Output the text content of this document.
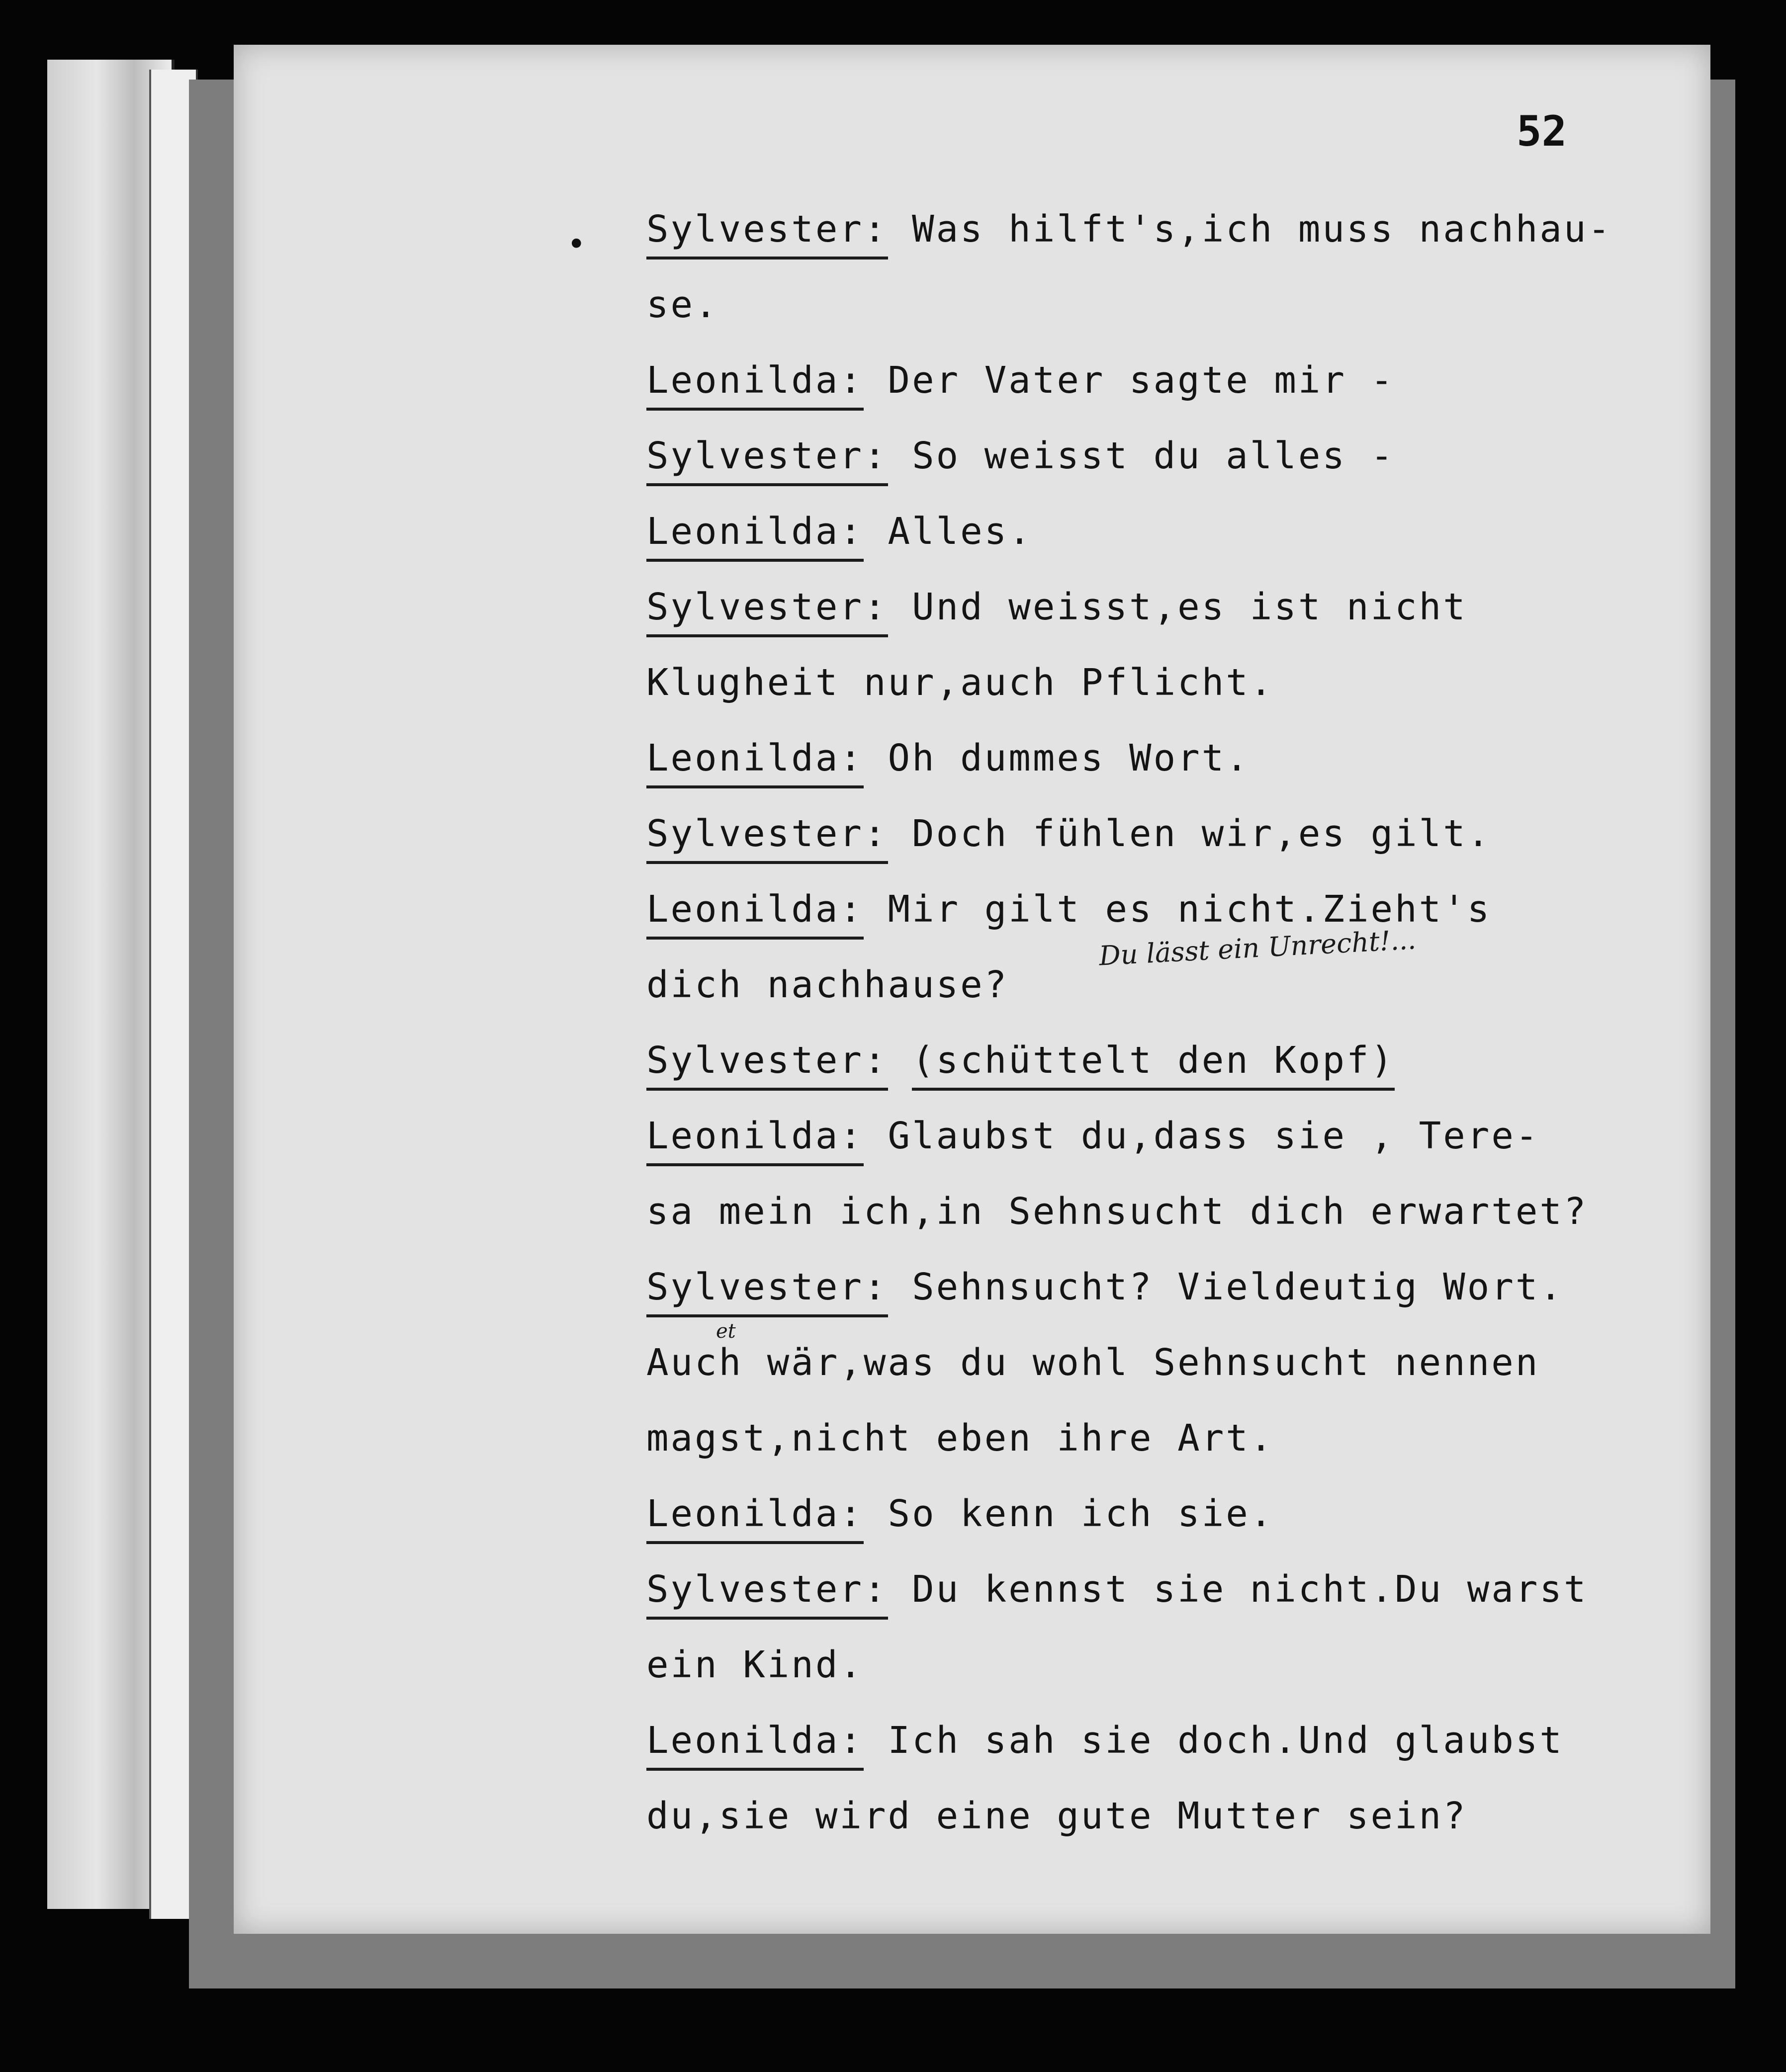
52
• Sylvester: Was hilft's,ich muss nachhau-
se.
Leonilda: Der Vater sagte mir -
Sylvester: So weisst du alles -
Leonilda: Alles.
Sylvester: Und weisst,es ist nicht
Klugheit nur,auch Pflicht.
Leonilda: Oh dummes Wort.
Sylvester: Doch fühlen wir,es gilt.
Leonilda: Mir gilt es nicht.Zieht's
dich nachhause?
Sylvester: (schüttelt den Kopf)
Leonilda: Glaubst du,dass sie , Tere-
sa mein ich,in Sehnsucht dich erwartet?
Sylvester: Sehnsucht? Vieldeutig Wort.
Auch wär,was du wohl Sehnsucht nennen
magst,nicht eben ihre Art.
Leonilda: So kenn ich sie.
Sylvester: Du kennst sie nicht.Du warst
ein Kind.
Leonilda: Ich sah sie doch.Und glaubst
du,sie wird eine gute Mutter sein?
Du lässt ein Unrecht!...
et
